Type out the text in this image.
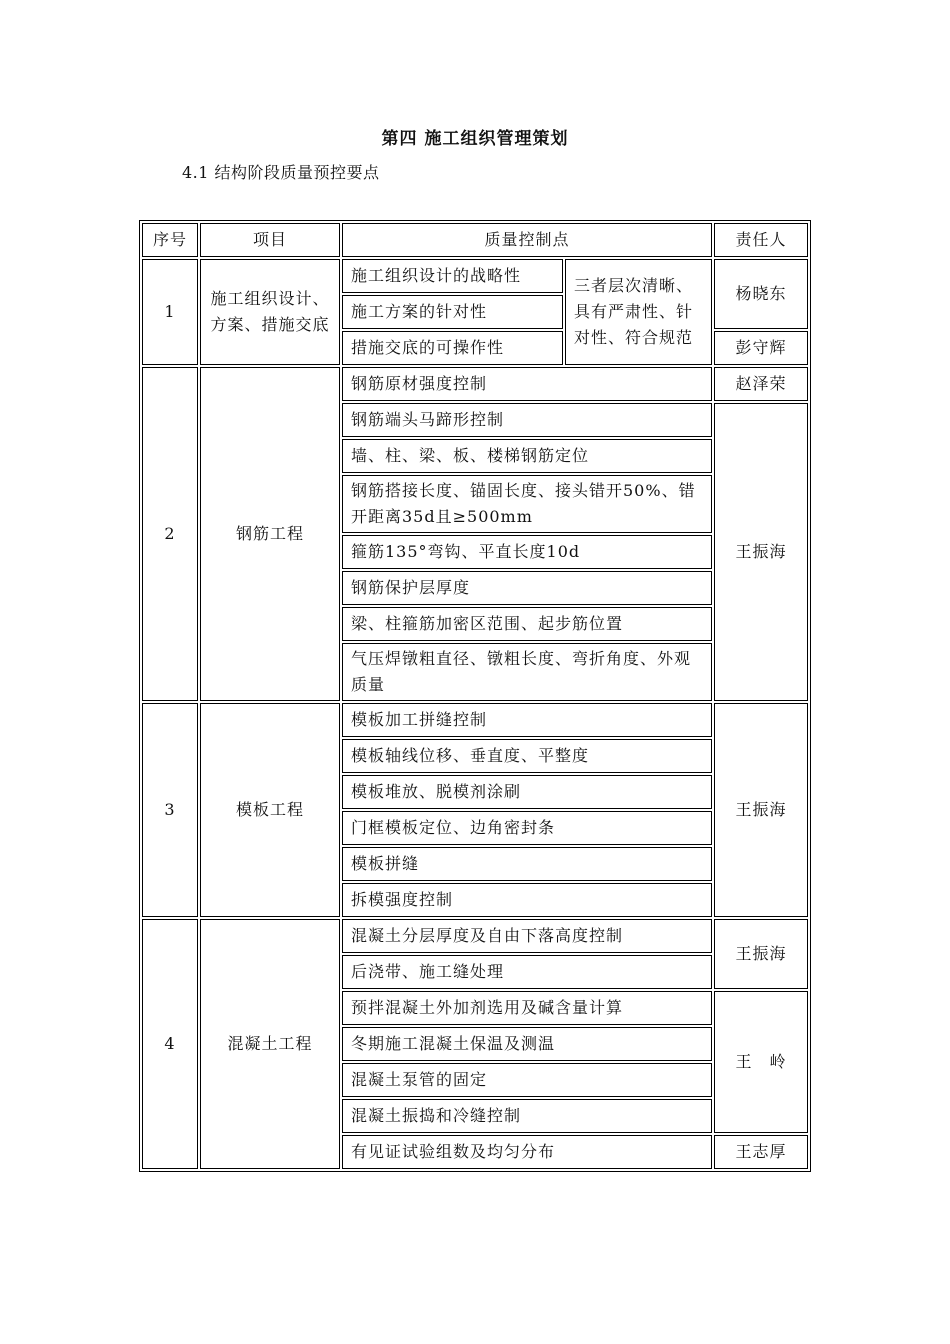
第四 施工组织管理策划
4.1 结构阶段质量预控要点
序号	项目	质量控制点		责任人
1	施工组织设计、方案、措施交底	施工组织设计的战略性	三者层次清晰、具有严肃性、针对性、符合规范	杨晓东
		施工方案的针对性		
		措施交底的可操作性		彭守辉
2	钢筋工程	钢筋原材强度控制		赵泽荣
		钢筋端头马蹄形控制		王振海
		墙、柱、梁、板、楼梯钢筋定位		
		钢筋搭接长度、锚固长度、接头错开50%、错开距离35d且≥500mm		
		箍筋135°弯钩、平直长度10d		
		钢筋保护层厚度		
		梁、柱箍筋加密区范围、起步筋位置		
		气压焊镦粗直径、镦粗长度、弯折角度、外观质量		
3	模板工程	模板加工拼缝控制		王振海
		模板轴线位移、垂直度、平整度		
		模板堆放、脱模剂涂刷		
		门框模板定位、边角密封条		
		模板拼缝		
		拆模强度控制		
4	混凝土工程	混凝土分层厚度及自由下落高度控制		王振海
		后浇带、施工缝处理		
		预拌混凝土外加剂选用及碱含量计算		王　岭
		冬期施工混凝土保温及测温		
		混凝土泵管的固定		
		混凝土振捣和冷缝控制		
		有见证试验组数及均匀分布		王志厚
